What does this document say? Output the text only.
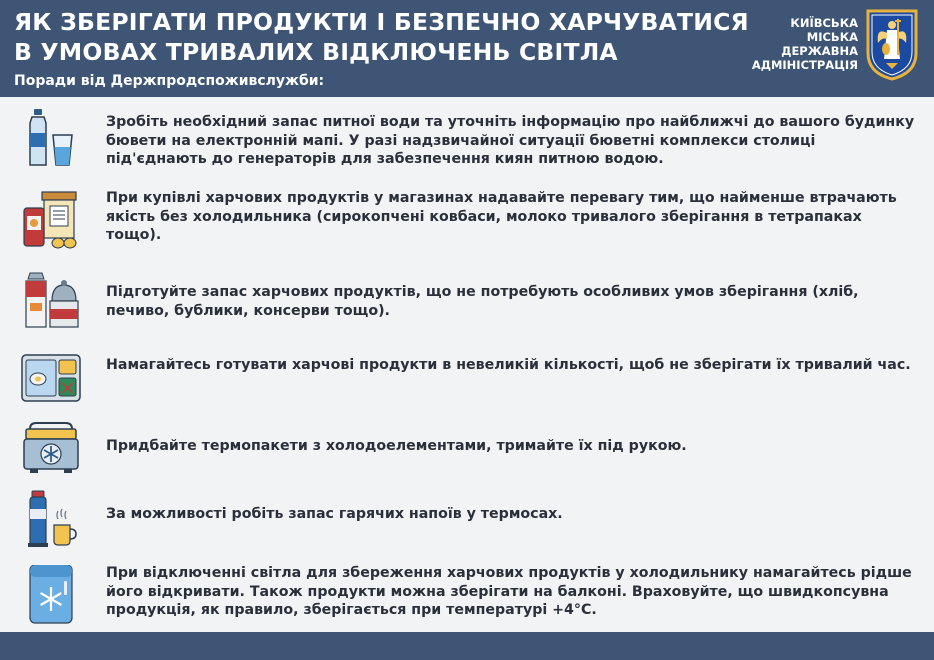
ЯК ЗБЕРІГАТИ ПРОДУКТИ І БЕЗПЕЧНО ХАРЧУВАТИСЯ
В УМОВАХ ТРИВАЛИХ ВІДКЛЮЧЕНЬ СВІТЛА
Поради від Держпродспоживслужби:
КИЇВСЬКА
МІСЬКА
ДЕРЖАВНА
АДМІНІСТРАЦІЯ
Зробіть необхідний запас питної води та уточніть інформацію про найближчі до вашого будинку бювети на електронній мапі. У разі надзвичайної ситуації бюветні комплекси столиці під'єднають до генераторів для забезпечення киян питною водою.
При купівлі харчових продуктів у магазинах надавайте перевагу тим, що найменше втрачають якість без холодильника (сирокопчені ковбаси, молоко тривалого зберігання в тетрапаках тощо).
Підготуйте запас харчових продуктів, що не потребують особливих умов зберігання (хліб, печиво, бублики, консерви тощо).
Намагайтесь готувати харчові продукти в невеликій кількості, щоб не зберігати їх тривалий час.
Придбайте термопакети з холодоелементами, тримайте їх під рукою.
За можливості робіть запас гарячих напоїв у термосах.
При відключенні світла для збереження харчових продуктів у холодильнику намагайтесь рідше його відкривати. Також продукти можна зберігати на балконі. Враховуйте, що швидкопсувна продукція, як правило, зберігається при температурі +4°С.
